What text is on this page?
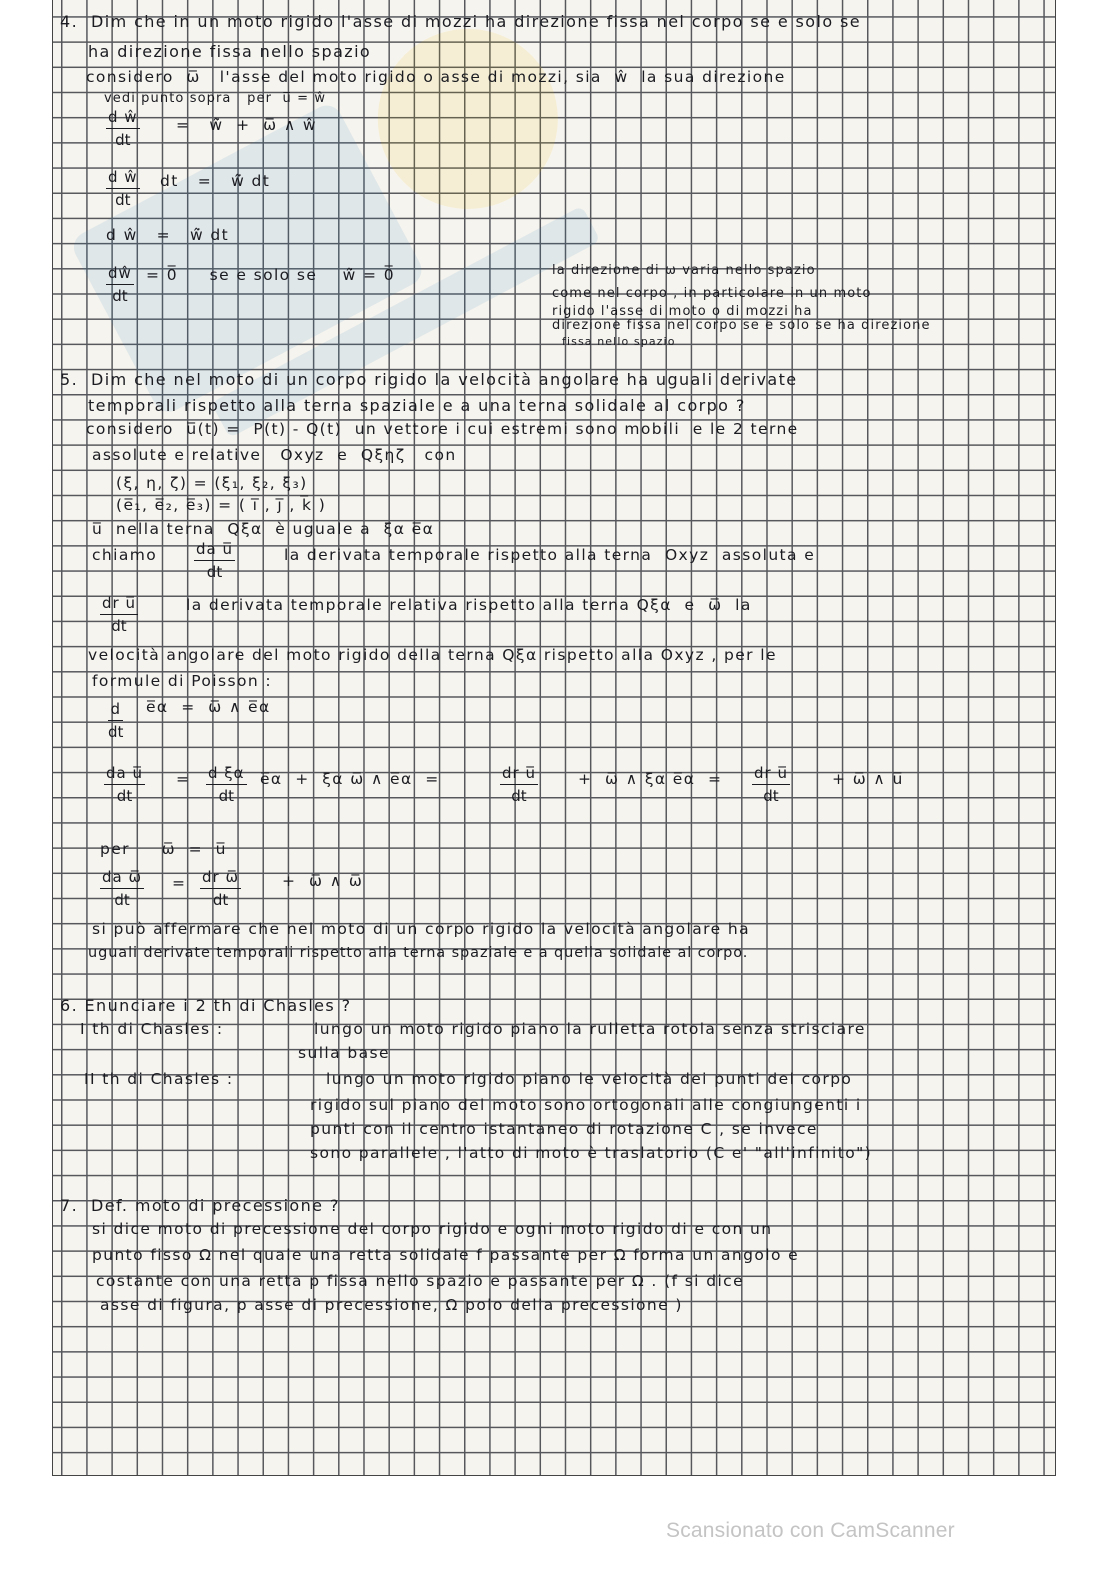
4.  Dim che in un moto rigido l'asse di mozzi ha direzione fissa nel corpo se e solo se
ha direzione fissa nello spazio
considero  ω̅   l'asse del moto rigido o asse di mozzi, sia  ŵ  la sua direzione
vedi punto sopra   per  u̅ = ŵ
$\frac{\text{d ŵ}}{dt}$ =   ŵ̇  +  ω̅ ∧ ŵ
$\frac{\text{d ŵ}}{dt}$ dt   =   ŵ̇ dt
d ŵ   =   ŵ̇ dt
$\frac{dŵ}{dt}$ = 0̅     se e solo se    ŵ̇ = 0̅	la direzione di ω varia nello spazio
come nel corpo , in particolare in un moto
rigido l'asse di moto o di mozzi ha
direzione fissa nel corpo se e solo se ha direzione
fissa nello spazio
5.  Dim che nel moto di un corpo rigido la velocità angolare ha uguali derivate
temporali rispetto alla terna spaziale e a una terna solidale al corpo ?
considero  u̅(t) =  P(t) - Q(t)  un vettore i cui estremi sono mobili  e le 2 terne
assolute e relative   Oxyz  e  Qξηζ   con
(ξ, η, ζ) = (ξ₁, ξ₂, ξ₃)
(e̅₁, e̅₂, e̅₃) = ( i̅ , j̅ , k̅ )
u̅  nella terna  Qξα  è uguale a  ξα e̅α
chiamo $\frac{\text{da u̅}}{dt}$	la derivata temporale rispetto alla terna  Oxyz  assoluta e
$\frac{\text{dr u̅}}{dt}$	la derivata temporale relativa rispetto alla terna Qξα  e  ω̅  la
velocità angolare del moto rigido della terna Qξα rispetto alla Oxyz , per le
formule di Poisson :
$\frac{d}{dt}$ e̅α  =  ω̅ ∧ e̅α
$\frac{\text{da u̅}}{dt} = \frac{\text{d ξα}}{dt}$ e̅α  +  ξα ω̅ ∧ e̅α  =	$\frac{\text{dr u̅}}{dt}$	+  ω̅ ∧ ξα e̅α  = $\frac{\text{dr u̅}}{dt}$	+ ω̅ ∧ u̅
per     ω̅  =  u̅
$\frac{\text{da ω̅}}{dt} = \frac{\text{dr ω̅}}{dt}$	+  ω̅ ∧ ω̅
si può affermare che nel moto di un corpo rigido la velocità angolare ha
uguali derivate temporali rispetto alla terna spaziale e a quella solidale al corpo.
6. Enunciare i 2 th di Chasles ?
I th di Chasles :	lungo un moto rigido piano la rulletta rotola senza strisciare
sulla base
II th di Chasles :	lungo un moto rigido piano le velocità dei punti del corpo
rigido sul piano del moto sono ortogonali alle congiungenti i
punti con il centro istantaneo di rotazione C , se invece
sono parallele , l'atto di moto è traslatorio (C e' "all'infinito")
7.  Def. moto di precessione ?
si dice moto di precessione del corpo rigido e ogni moto rigido di e con un
punto fisso Ω nel quale una retta solidale f passante per Ω forma un angolo e
costante con una retta p fissa nello spazio e passante per Ω . (f si dice
asse di figura, p asse di precessione, Ω polo della precessione )
Scansionato con CamScanner
